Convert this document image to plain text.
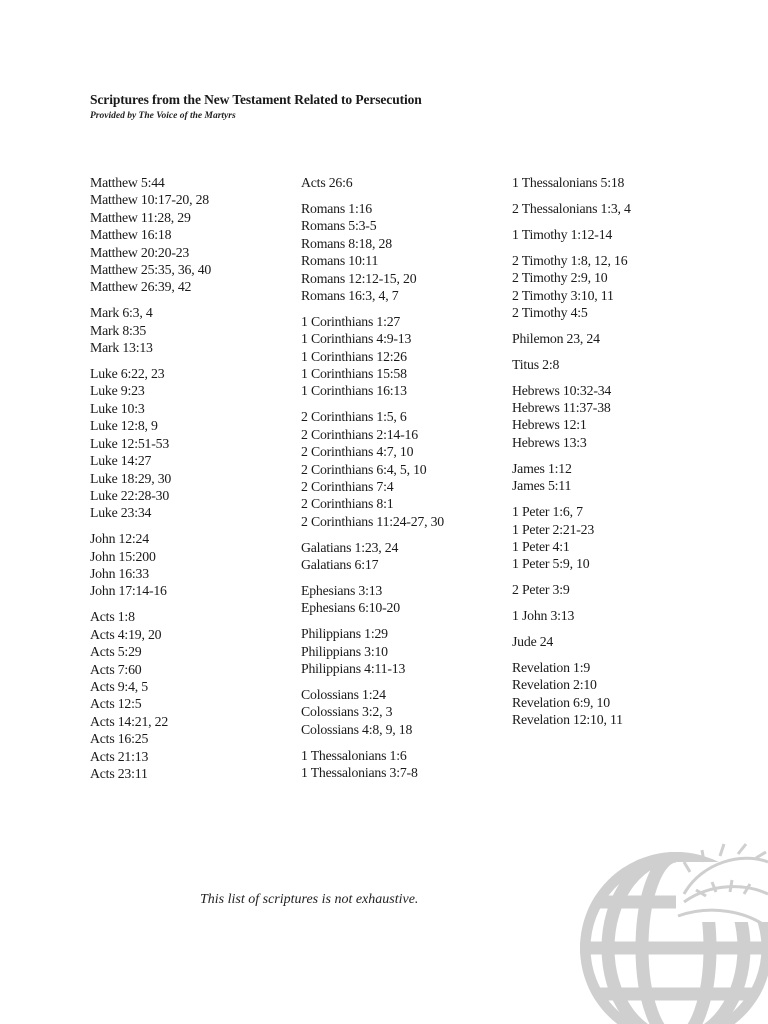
Scriptures from the New Testament Related to Persecution
Provided by The Voice of the Martyrs
Matthew 5:44
Matthew 10:17-20, 28
Matthew 11:28, 29
Matthew 16:18
Matthew 20:20-23
Matthew 25:35, 36, 40
Matthew 26:39, 42
Mark 6:3, 4
Mark 8:35
Mark 13:13
Luke 6:22, 23
Luke 9:23
Luke 10:3
Luke 12:8, 9
Luke 12:51-53
Luke 14:27
Luke 18:29, 30
Luke 22:28-30
Luke 23:34
John 12:24
John 15:200
John 16:33
John 17:14-16
Acts 1:8
Acts 4:19, 20
Acts 5:29
Acts 7:60
Acts 9:4, 5
Acts 12:5
Acts 14:21, 22
Acts 16:25
Acts 21:13
Acts 23:11
Acts 26:6
Romans 1:16
Romans 5:3-5
Romans 8:18, 28
Romans 10:11
Romans 12:12-15, 20
Romans 16:3, 4, 7
1 Corinthians 1:27
1 Corinthians 4:9-13
1 Corinthians 12:26
1 Corinthians 15:58
1 Corinthians 16:13
2 Corinthians 1:5, 6
2 Corinthians 2:14-16
2 Corinthians 4:7, 10
2 Corinthians 6:4, 5, 10
2 Corinthians 7:4
2 Corinthians 8:1
2 Corinthians 11:24-27, 30
Galatians 1:23, 24
Galatians 6:17
Ephesians 3:13
Ephesians 6:10-20
Philippians 1:29
Philippians 3:10
Philippians 4:11-13
Colossians 1:24
Colossians 3:2, 3
Colossians 4:8, 9, 18
1 Thessalonians 1:6
1 Thessalonians 3:7-8
1 Thessalonians 5:18
2 Thessalonians 1:3, 4
1 Timothy 1:12-14
2 Timothy 1:8, 12, 16
2 Timothy 2:9, 10
2 Timothy 3:10, 11
2 Timothy 4:5
Philemon 23, 24
Titus 2:8
Hebrews 10:32-34
Hebrews 11:37-38
Hebrews 12:1
Hebrews 13:3
James 1:12
James 5:11
1 Peter 1:6, 7
1 Peter 2:21-23
1 Peter 4:1
1 Peter 5:9, 10
2 Peter 3:9
1 John 3:13
Jude 24
Revelation 1:9
Revelation 2:10
Revelation 6:9, 10
Revelation 12:10, 11
This list of scriptures is not exhaustive.
